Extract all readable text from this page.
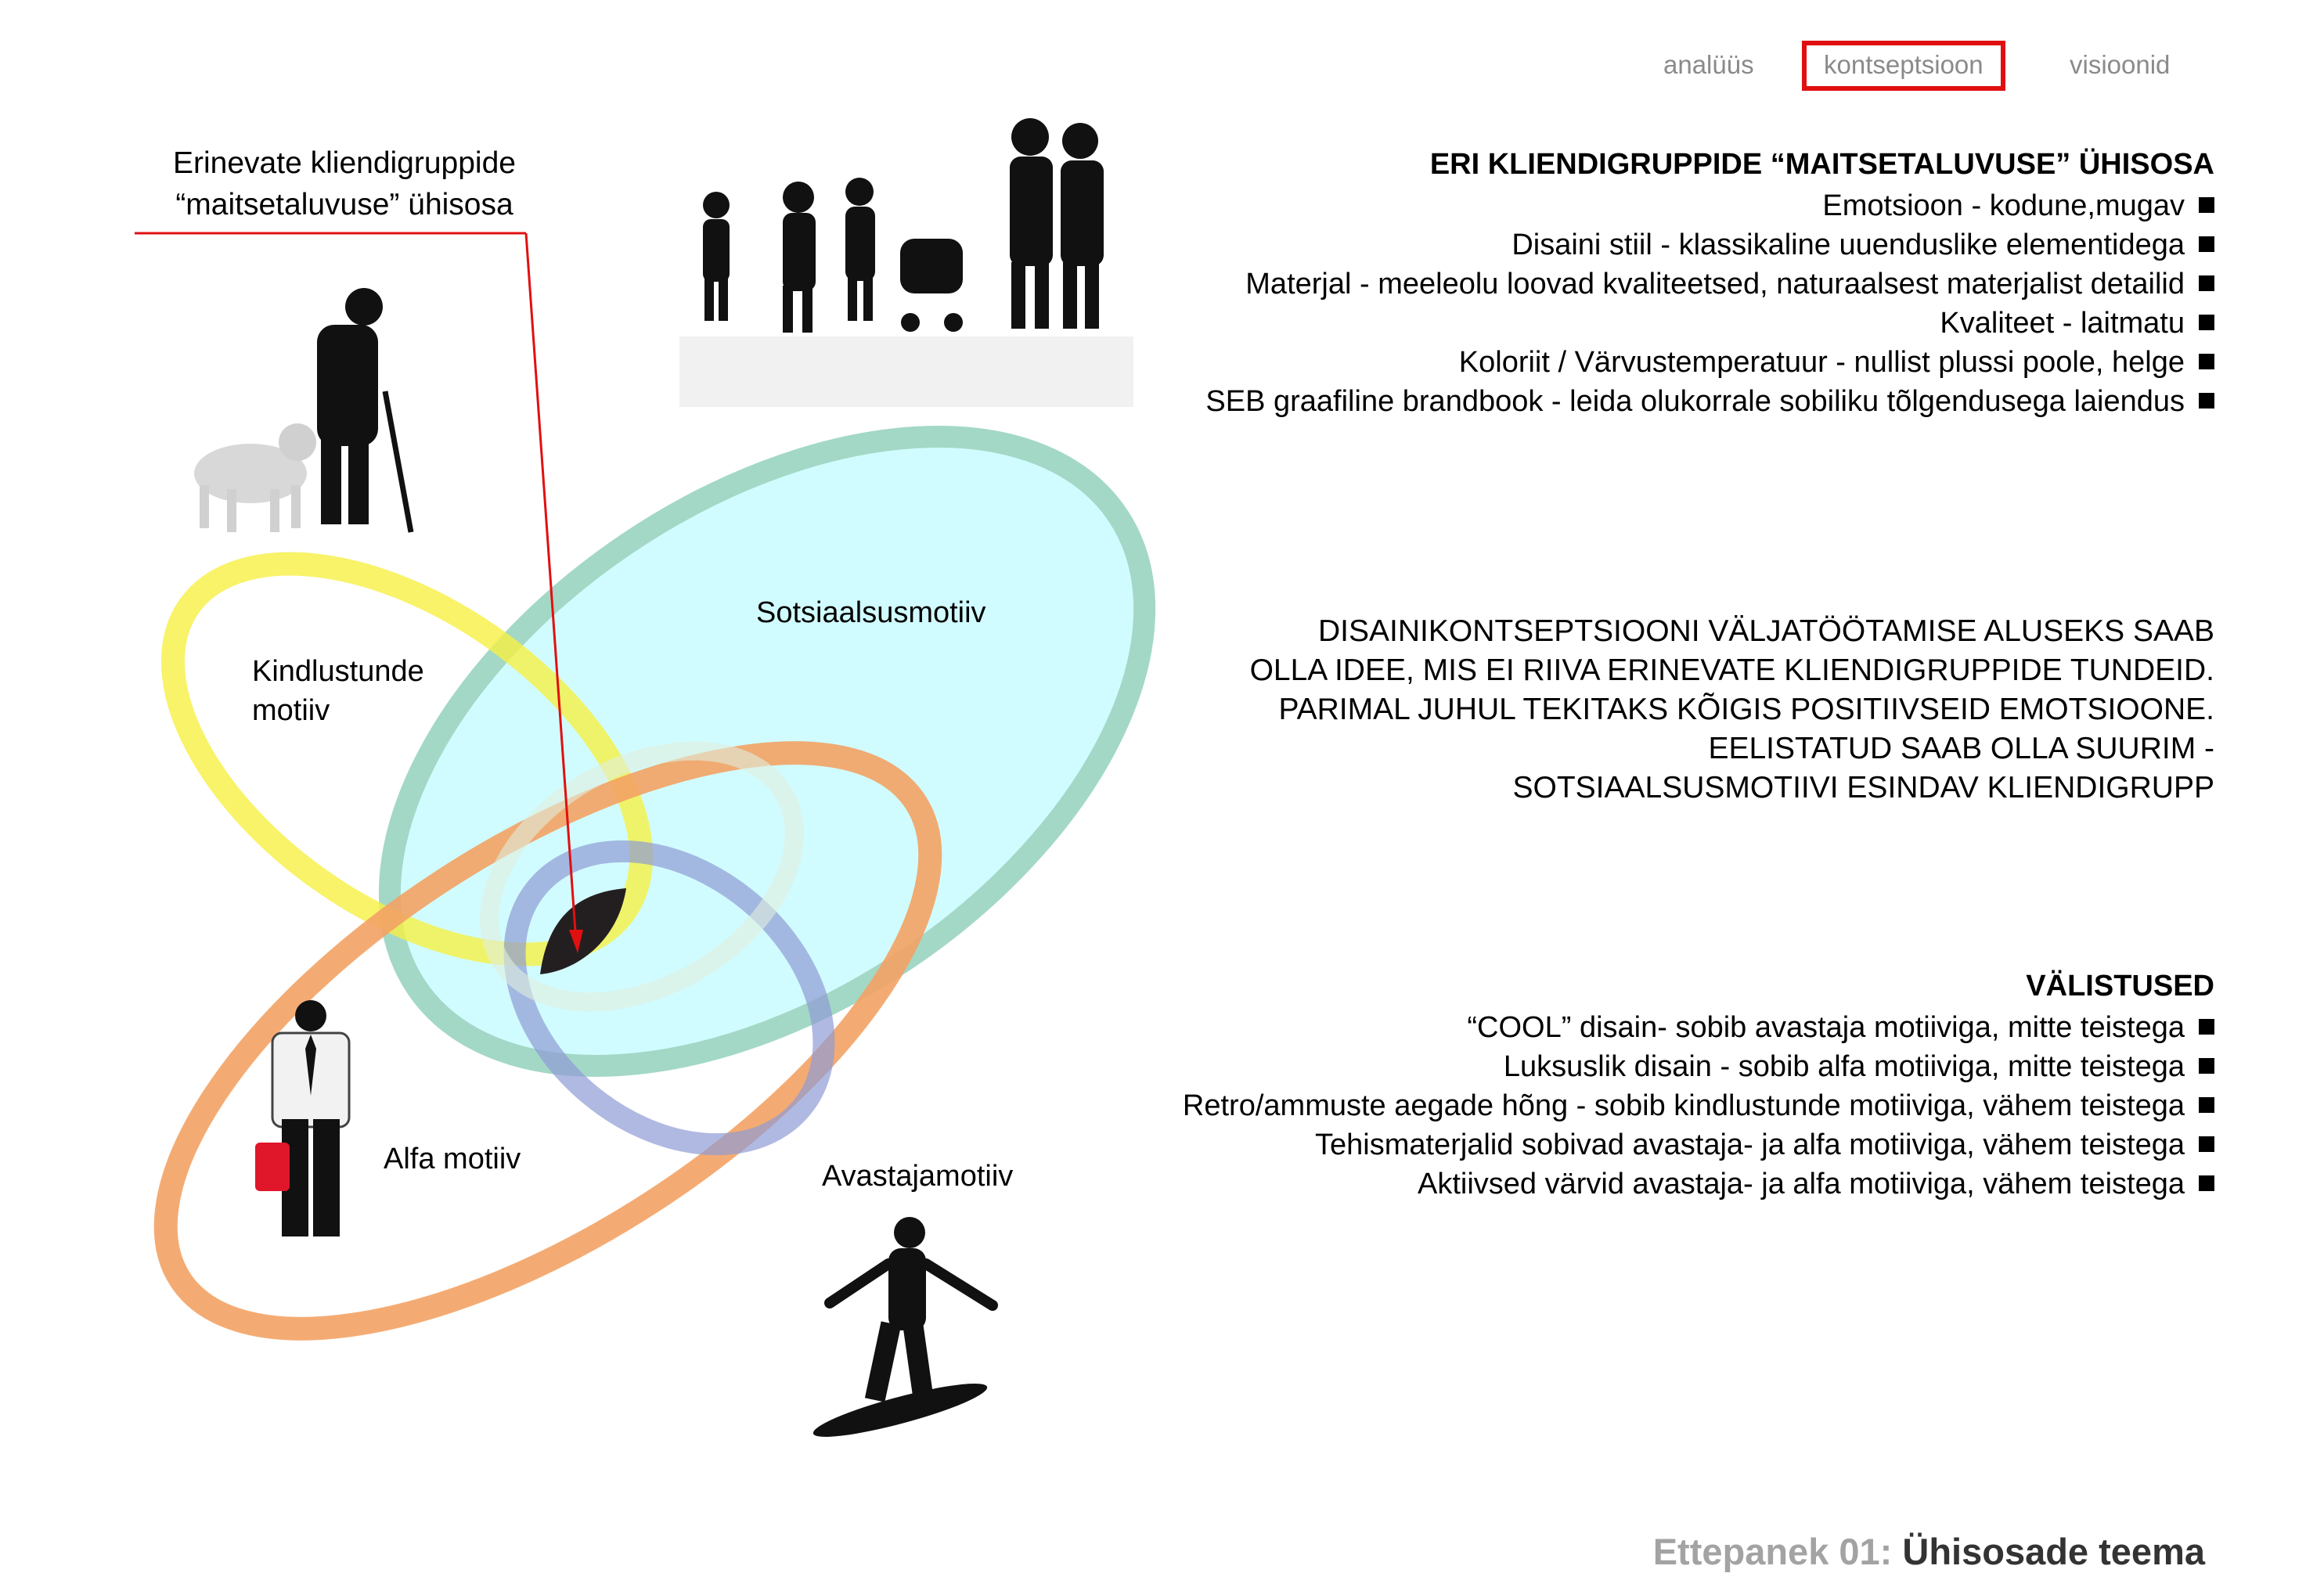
analüüs	kontseptsioon	visioonid
Kindlustunde
motiiv
Sotsiaalsusmotiiv
Alfa motiiv
Avastajamotiiv
Erinevate kliendigruppide
“maitsetaluvuse” ühisosa
ERI KLIENDIGRUPPIDE “MAITSETALUVUSE” ÜHISOSA
Emotsioon - kodune,mugav
Disaini stiil - klassikaline uuenduslike elementidega
Materjal - meeleolu loovad kvaliteetsed, naturaalsest materjalist detailid
Kvaliteet - laitmatu
Koloriit / Värvustemperatuur - nullist plussi poole, helge
SEB graafiline brandbook - leida olukorrale sobiliku tõlgendusega laiendus
DISAINIKONTSEPTSIOONI VÄLJATÖÖTAMISE ALUSEKS SAAB
OLLA IDEE, MIS EI RIIVA ERINEVATE KLIENDIGRUPPIDE TUNDEID.
PARIMAL JUHUL TEKITAKS KÕIGIS POSITIIVSEID EMOTSIOONE.
EELISTATUD SAAB OLLA SUURIM -
SOTSIAALSUSMOTIIVI ESINDAV KLIENDIGRUPP
VÄLISTUSED
“COOL” disain- sobib avastaja motiiviga, mitte teistega
Luksuslik disain - sobib alfa motiiviga, mitte teistega
Retro/ammuste aegade hõng - sobib kindlustunde motiiviga, vähem teistega
Tehismaterjalid sobivad avastaja- ja alfa motiiviga, vähem teistega
Aktiivsed värvid avastaja- ja alfa motiiviga, vähem teistega
Ettepanek 01: Ühisosade teema
